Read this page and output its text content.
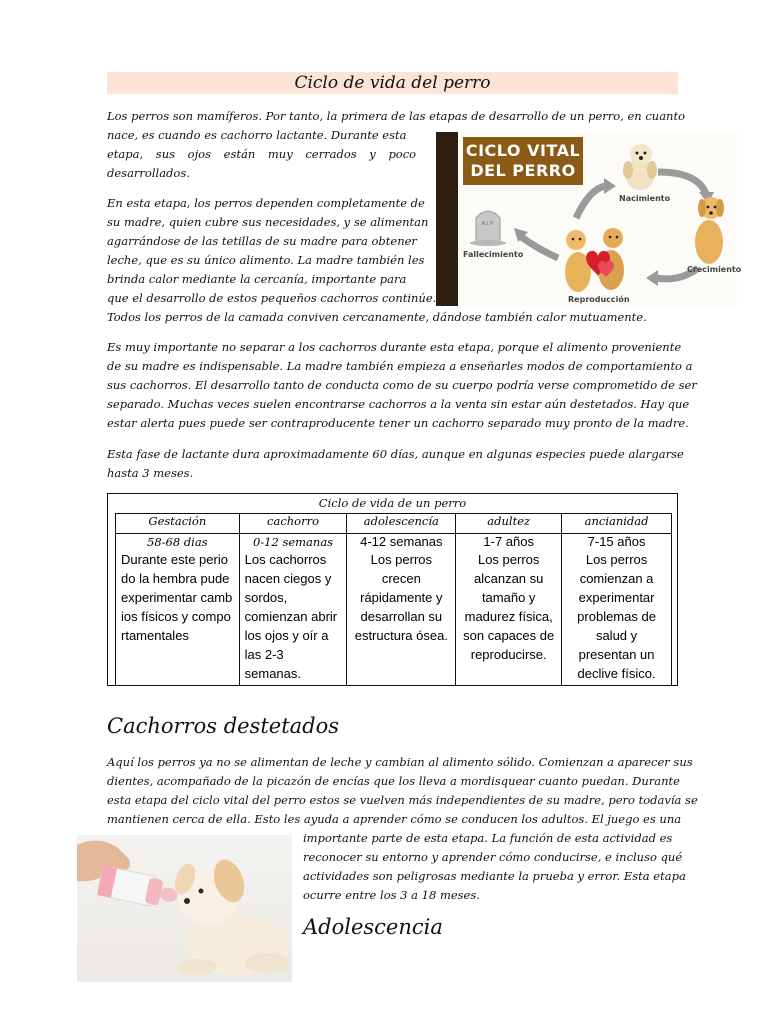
Ciclo de vida del perro
Los perros son mamíferos. Por tanto, la primera de las etapas de desarrollo de un perro, en cuanto
nace, es cuando es cachorro lactante. Durante esta
etapa, sus ojos están muy cerrados y poco
desarrollados.
En esta etapa, los perros dependen completamente de
su madre, quien cubre sus necesidades, y se alimentan
agarrándose de las tetillas de su madre para obtener
leche, que es su único alimento. La madre también les
brinda calor mediante la cercanía, importante para
que el desarrollo de estos pequeños cachorros continúe.
Todos los perros de la camada conviven cercanamente, dándose también calor mutuamente.
CICLO VITAL
DEL PERRO
R.I.P.
Nacimiento
Crecimiento
Reproducción
Fallecimiento
Es muy importante no separar a los cachorros durante esta etapa, porque el alimento proveniente
de su madre es indispensable. La madre también empieza a enseñarles modos de comportamiento a
sus cachorros. El desarrollo tanto de conducta como de su cuerpo podría verse comprometido de ser
separado. Muchas veces suelen encontrarse cachorros a la venta sin estar aún destetados. Hay que
estar alerta pues puede ser contraproducente tener un cachorro separado muy pronto de la madre.
Esta fase de lactante dura aproximadamente 60 días, aunque en algunas especies puede alargarse
hasta 3 meses.
Ciclo de vida de un perro
Gestación	cachorro	adolescencía	adultez	ancianidad
58-68 dias	0-12 semanas	4-12 semanas	1-7 años	7-15 años
Durante este periodo la hembra pude experimentar cambios físicos y comportamentales	Los cachorros nacen ciegos y sordos, comienzan abrir los ojos y oír a las 2-3 semanas.	Los perros crecen rápidamente y desarrollan su estructura ósea.	Los perros alcanzan su tamaño y madurez física, son capaces de reproducirse.	Los perros comienzan a experimentar problemas de salud y presentan un declive físico.
Cachorros destetados
Aquí los perros ya no se alimentan de leche y cambian al alimento sólido. Comienzan a aparecer sus
dientes, acompañado de la picazón de encías que los lleva a mordisquear cuanto puedan. Durante
esta etapa del ciclo vital del perro estos se vuelven más independientes de su madre, pero todavía se
mantienen cerca de ella. Esto les ayuda a aprender cómo se conducen los adultos. El juego es una
importante parte de esta etapa. La función de esta actividad es
reconocer su entorno y aprender cómo conducirse, e incluso qué
actividades son peligrosas mediante la prueba y error. Esta etapa
ocurre entre los 3 a 18 meses.
Adolescencia
